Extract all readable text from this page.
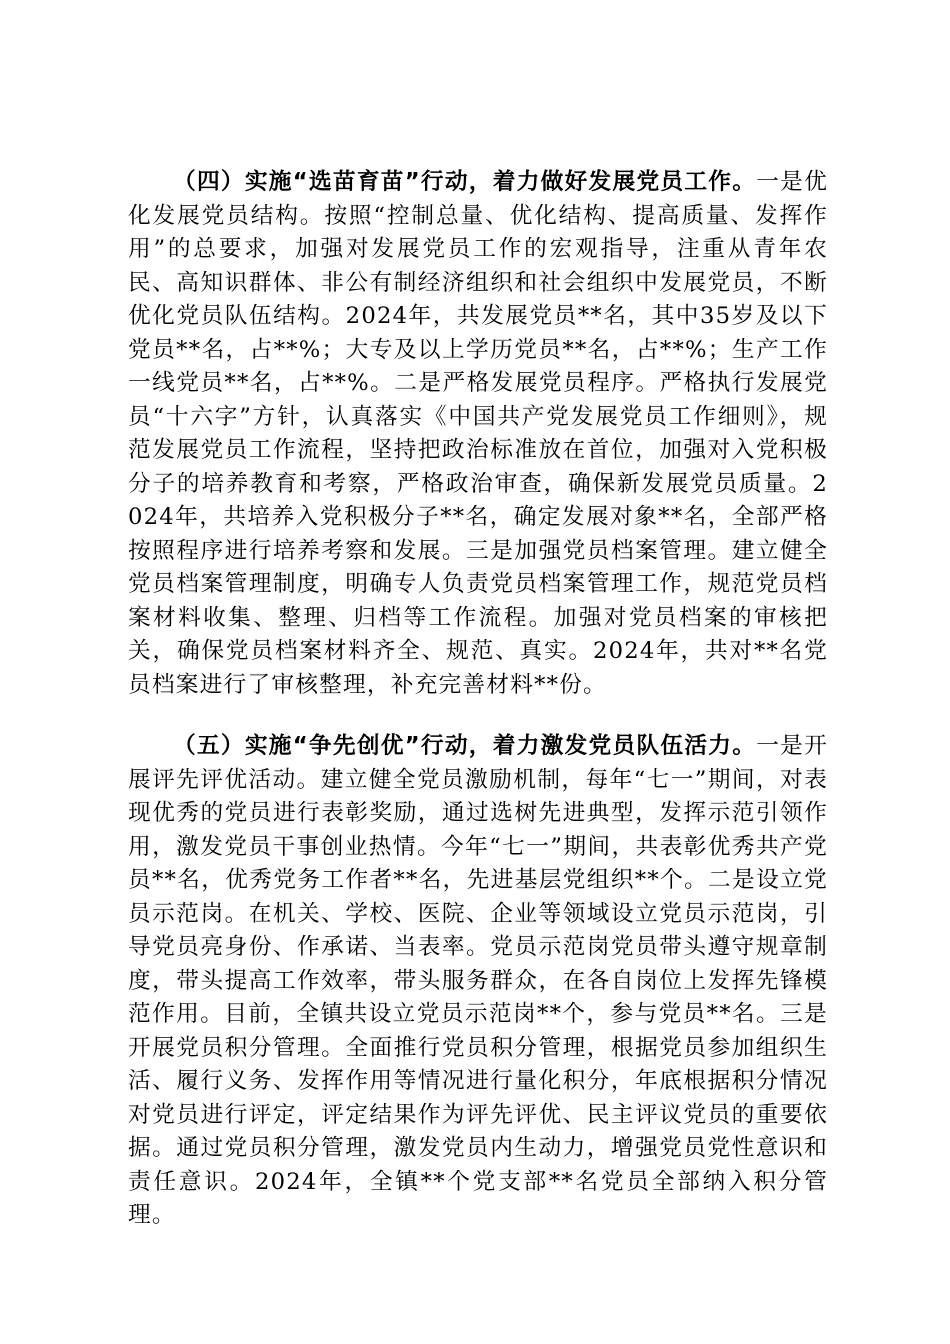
（四）实施“选苗育苗”行动，着力做好发展党员工作。一是优化发展党员结构。按照“控制总量、优化结构、提高质量、发挥作用”的总要求，加强对发展党员工作的宏观指导，注重从青年农民、高知识群体、非公有制经济组织和社会组织中发展党员，不断优化党员队伍结构。2024年，共发展党员**名，其中35岁及以下党员**名，占**%；大专及以上学历党员**名，占**%；生产工作一线党员**名，占**%。二是严格发展党员程序。严格执行发展党员“十六字”方针，认真落实《中国共产党发展党员工作细则》，规范发展党员工作流程，坚持把政治标准放在首位，加强对入党积极分子的培养教育和考察，严格政治审查，确保新发展党员质量。2024年，共培养入党积极分子**名，确定发展对象**名，全部严格按照程序进行培养考察和发展。三是加强党员档案管理。建立健全党员档案管理制度，明确专人负责党员档案管理工作，规范党员档案材料收集、整理、归档等工作流程。加强对党员档案的审核把关，确保党员档案材料齐全、规范、真实。2024年，共对**名党员档案进行了审核整理，补充完善材料**份。

（五）实施“争先创优”行动，着力激发党员队伍活力。一是开展评先评优活动。建立健全党员激励机制，每年“七一”期间，对表现优秀的党员进行表彰奖励，通过选树先进典型，发挥示范引领作用，激发党员干事创业热情。今年“七一”期间，共表彰优秀共产党员**名，优秀党务工作者**名，先进基层党组织**个。二是设立党员示范岗。在机关、学校、医院、企业等领域设立党员示范岗，引导党员亮身份、作承诺、当表率。党员示范岗党员带头遵守规章制度，带头提高工作效率，带头服务群众，在各自岗位上发挥先锋模范作用。目前，全镇共设立党员示范岗**个，参与党员**名。三是开展党员积分管理。全面推行党员积分管理，根据党员参加组织生活、履行义务、发挥作用等情况进行量化积分，年底根据积分情况对党员进行评定，评定结果作为评先评优、民主评议党员的重要依据。通过党员积分管理，激发党员内生动力，增强党员党性意识和责任意识。2024年，全镇**个党支部**名党员全部纳入积分管理。
